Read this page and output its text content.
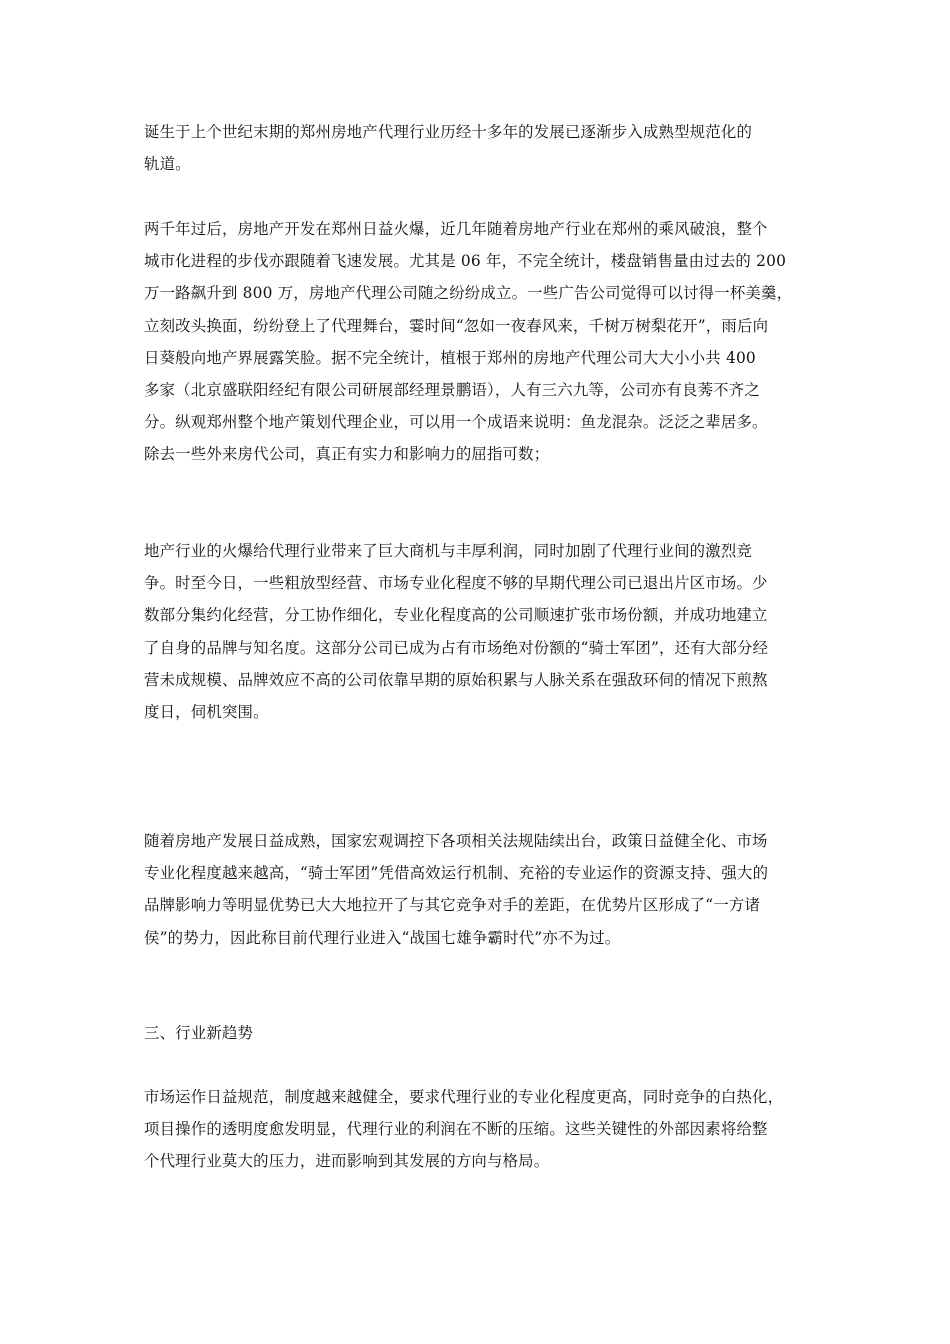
诞生于上个世纪末期的郑州房地产代理行业历经十多年的发展已逐渐步入成熟型规范化的
轨道。

两千年过后，房地产开发在郑州日益火爆，近几年随着房地产行业在郑州的乘风破浪，整个
城市化进程的步伐亦跟随着飞速发展。尤其是 06 年，不完全统计，楼盘销售量由过去的 200
万一路飙升到 800 万，房地产代理公司随之纷纷成立。一些广告公司觉得可以讨得一杯美羹，
立刻改头换面，纷纷登上了代理舞台，霎时间“忽如一夜春风来，千树万树梨花开”，雨后向
日葵般向地产界展露笑脸。据不完全统计，植根于郑州的房地产代理公司大大小小共 400
多家（北京盛联阳经纪有限公司研展部经理景鹏语），人有三六九等，公司亦有良莠不齐之
分。纵观郑州整个地产策划代理企业，可以用一个成语来说明：鱼龙混杂。泛泛之辈居多。
除去一些外来房代公司，真正有实力和影响力的屈指可数；

地产行业的火爆给代理行业带来了巨大商机与丰厚利润，同时加剧了代理行业间的激烈竞
争。时至今日，一些粗放型经营、市场专业化程度不够的早期代理公司已退出片区市场。少
数部分集约化经营，分工协作细化，专业化程度高的公司顺速扩张市场份额，并成功地建立
了自身的品牌与知名度。这部分公司已成为占有市场绝对份额的“骑士军团”，还有大部分经
营未成规模、品牌效应不高的公司依靠早期的原始积累与人脉关系在强敌环伺的情况下煎熬
度日，伺机突围。

随着房地产发展日益成熟，国家宏观调控下各项相关法规陆续出台，政策日益健全化、市场
专业化程度越来越高，“骑士军团”凭借高效运行机制、充裕的专业运作的资源支持、强大的
品牌影响力等明显优势已大大地拉开了与其它竞争对手的差距，在优势片区形成了“一方诸
侯”的势力，因此称目前代理行业进入“战国七雄争霸时代”亦不为过。

三、行业新趋势

市场运作日益规范，制度越来越健全，要求代理行业的专业化程度更高，同时竞争的白热化，
项目操作的透明度愈发明显，代理行业的利润在不断的压缩。这些关键性的外部因素将给整
个代理行业莫大的压力，进而影响到其发展的方向与格局。
